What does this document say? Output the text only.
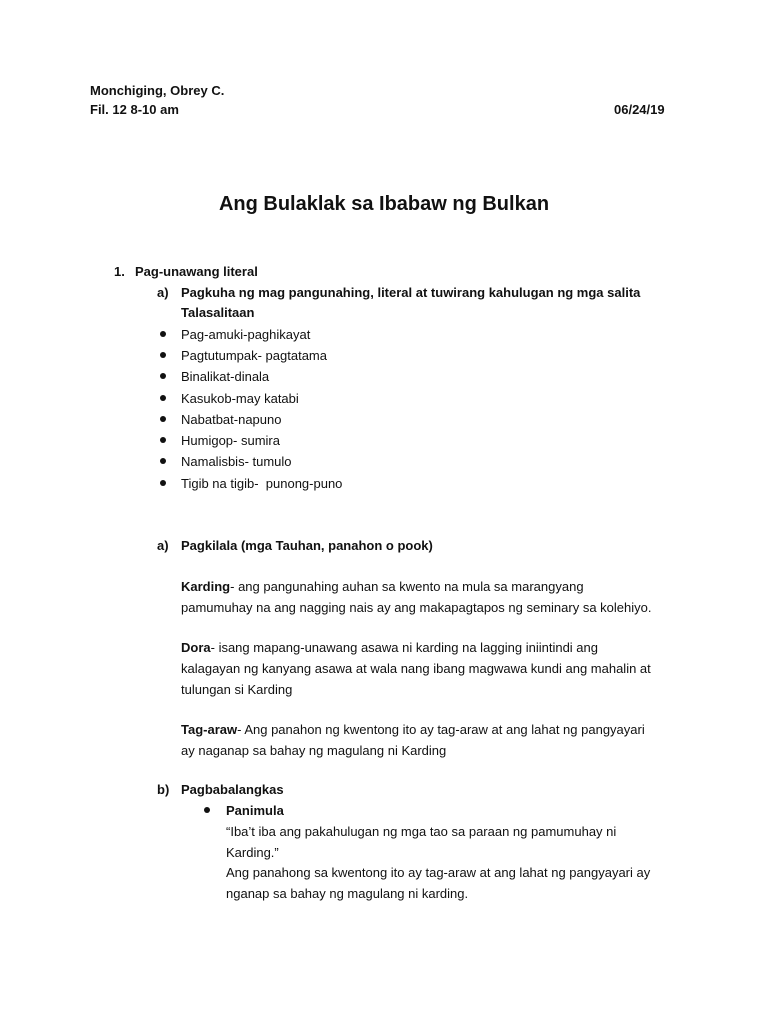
Monchiging, Obrey C.
Fil. 12 8-10 am	06/24/19
Ang Bulaklak sa Ibabaw ng Bulkan
1. Pag-unawang literal
a) Pagkuha ng mag pangunahing, literal at tuwirang kahulugan ng mga salita
Talasalitaan
Pag-amuki-paghikayat
Pagtutumpak- pagtatama
Binalikat-dinala
Kasukob-may katabi
Nabatbat-napuno
Humigop- sumira
Namalisbis- tumulo
Tigib na tigib-  punong-puno
a) Pagkilala (mga Tauhan, panahon o pook)
Karding- ang pangunahing auhan sa kwento na mula sa marangyang
pamumuhay na ang nagging nais ay ang makapagtapos ng seminary sa kolehiyo.
Dora- isang mapang-unawang asawa ni karding na lagging iniintindi ang
kalagayan ng kanyang asawa at wala nang ibang magwawa kundi ang mahalin at
tulungan si Karding
Tag-araw- Ang panahon ng kwentong ito ay tag-araw at ang lahat ng pangyayari
ay naganap sa bahay ng magulang ni Karding
b) Pagbabalangkas
Panimula
“Iba’t iba ang pakahulugan ng mga tao sa paraan ng pamumuhay ni
Karding.”
Ang panahong sa kwentong ito ay tag-araw at ang lahat ng pangyayari ay
nganap sa bahay ng magulang ni karding.
